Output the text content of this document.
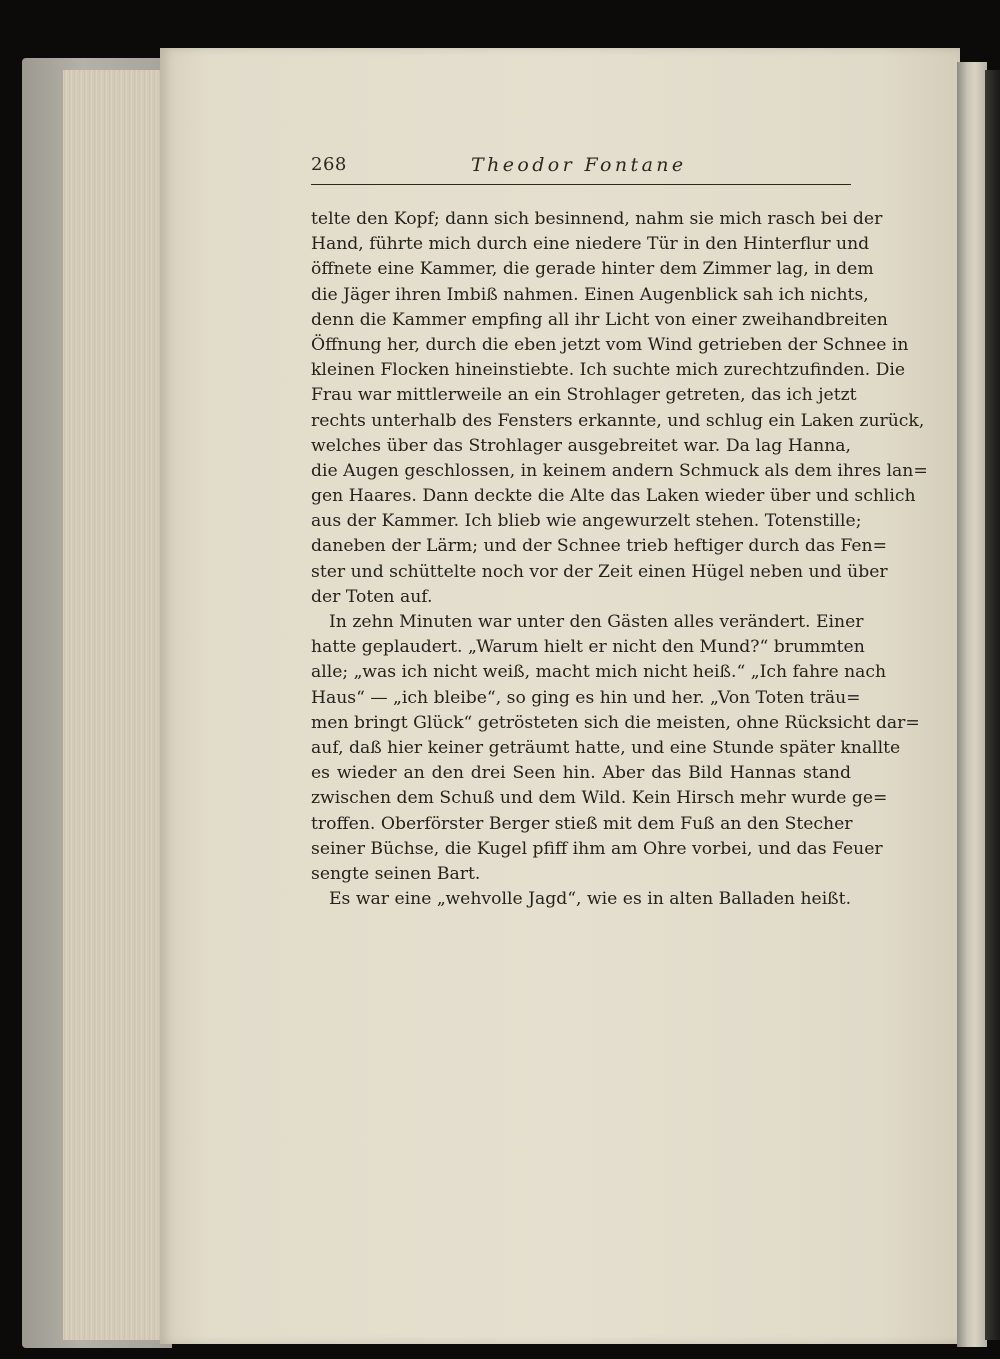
268	Theodor Fontane
telte den Kopf; dann sich besinnend, nahm sie mich rasch bei der
Hand, führte mich durch eine niedere Tür in den Hinterflur und
öffnete eine Kammer, die gerade hinter dem Zimmer lag, in dem
die Jäger ihren Imbiß nahmen. Einen Augenblick sah ich nichts,
denn die Kammer empfing all ihr Licht von einer zweihandbreiten
Öffnung her, durch die eben jetzt vom Wind getrieben der Schnee in
kleinen Flocken hineinstiebte. Ich suchte mich zurechtzufinden. Die
Frau war mittlerweile an ein Strohlager getreten, das ich jetzt
rechts unterhalb des Fensters erkannte, und schlug ein Laken zurück,
welches über das Strohlager ausgebreitet war. Da lag Hanna,
die Augen geschlossen, in keinem andern Schmuck als dem ihres lan=
gen Haares. Dann deckte die Alte das Laken wieder über und schlich
aus der Kammer. Ich blieb wie angewurzelt stehen. Totenstille;
daneben der Lärm; und der Schnee trieb heftiger durch das Fen=
ster und schüttelte noch vor der Zeit einen Hügel neben und über
der Toten auf.
In zehn Minuten war unter den Gästen alles verändert. Einer
hatte geplaudert. „Warum hielt er nicht den Mund?“ brummten
alle; „was ich nicht weiß, macht mich nicht heiß.“ „Ich fahre nach
Haus“ — „ich bleibe“, so ging es hin und her. „Von Toten träu=
men bringt Glück“ getrösteten sich die meisten, ohne Rücksicht dar=
auf, daß hier keiner geträumt hatte, und eine Stunde später knallte
es wieder an den drei Seen hin. Aber das Bild Hannas stand
zwischen dem Schuß und dem Wild. Kein Hirsch mehr wurde ge=
troffen. Oberförster Berger stieß mit dem Fuß an den Stecher
seiner Büchse, die Kugel pfiff ihm am Ohre vorbei, und das Feuer
sengte seinen Bart.
Es war eine „wehvolle Jagd“, wie es in alten Balladen heißt.
